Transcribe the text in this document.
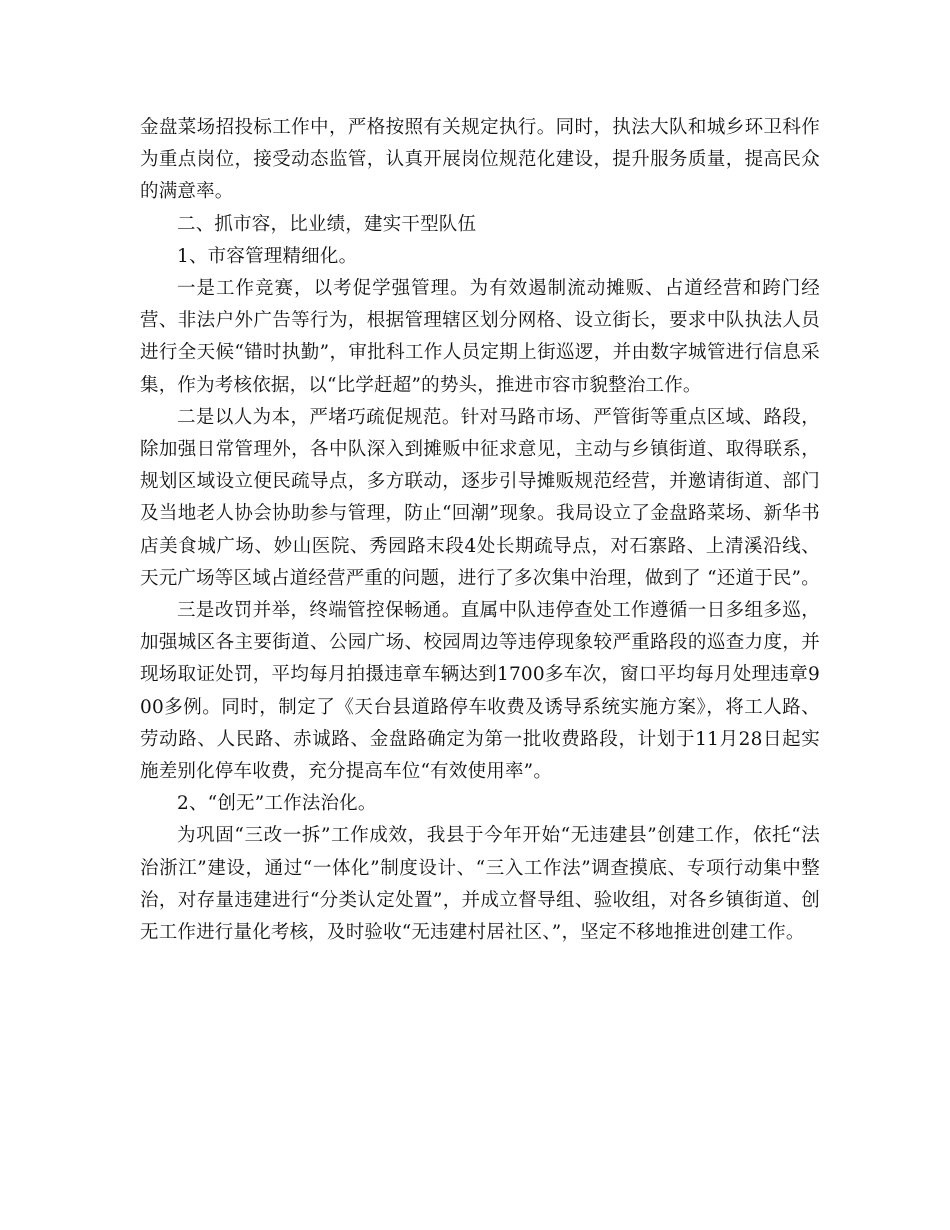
金盘菜场招投标工作中，严格按照有关规定执行。同时，执法大队和城乡环卫科作为重点岗位，接受动态监管，认真开展岗位规范化建设，提升服务质量，提高民众的满意率。

二、抓市容，比业绩，建实干型队伍

1、市容管理精细化。

一是工作竞赛，以考促学强管理。为有效遏制流动摊贩、占道经营和跨门经营、非法户外广告等行为，根据管理辖区划分网格、设立街长，要求中队执法人员进行全天候“错时执勤”，审批科工作人员定期上街巡逻，并由数字城管进行信息采集，作为考核依据，以“比学赶超”的势头，推进市容市貌整治工作。

二是以人为本，严堵巧疏促规范。针对马路市场、严管街等重点区域、路段，除加强日常管理外，各中队深入到摊贩中征求意见，主动与乡镇街道、取得联系，规划区域设立便民疏导点，多方联动，逐步引导摊贩规范经营，并邀请街道、部门及当地老人协会协助参与管理，防止“回潮”现象。我局设立了金盘路菜场、新华书店美食城广场、妙山医院、秀园路末段4处长期疏导点，对石寨路、上清溪沿线、天元广场等区域占道经营严重的问题，进行了多次集中治理，做到了 “还道于民”。

三是改罚并举，终端管控保畅通。直属中队违停查处工作遵循一日多组多巡，加强城区各主要街道、公园广场、校园周边等违停现象较严重路段的巡查力度，并现场取证处罚，平均每月拍摄违章车辆达到1700多车次，窗口平均每月处理违章900多例。同时，制定了《天台县道路停车收费及诱导系统实施方案》，将工人路、劳动路、人民路、赤诚路、金盘路确定为第一批收费路段，计划于11月28日起实施差别化停车收费，充分提高车位“有效使用率”。

2、“创无”工作法治化。

为巩固“三改一拆”工作成效，我县于今年开始“无违建县”创建工作，依托“法治浙江”建设，通过“一体化”制度设计、“三入工作法”调查摸底、专项行动集中整治，对存量违建进行“分类认定处置”，并成立督导组、验收组，对各乡镇街道、创无工作进行量化考核，及时验收“无违建村居社区、”，坚定不移地推进创建工作。
